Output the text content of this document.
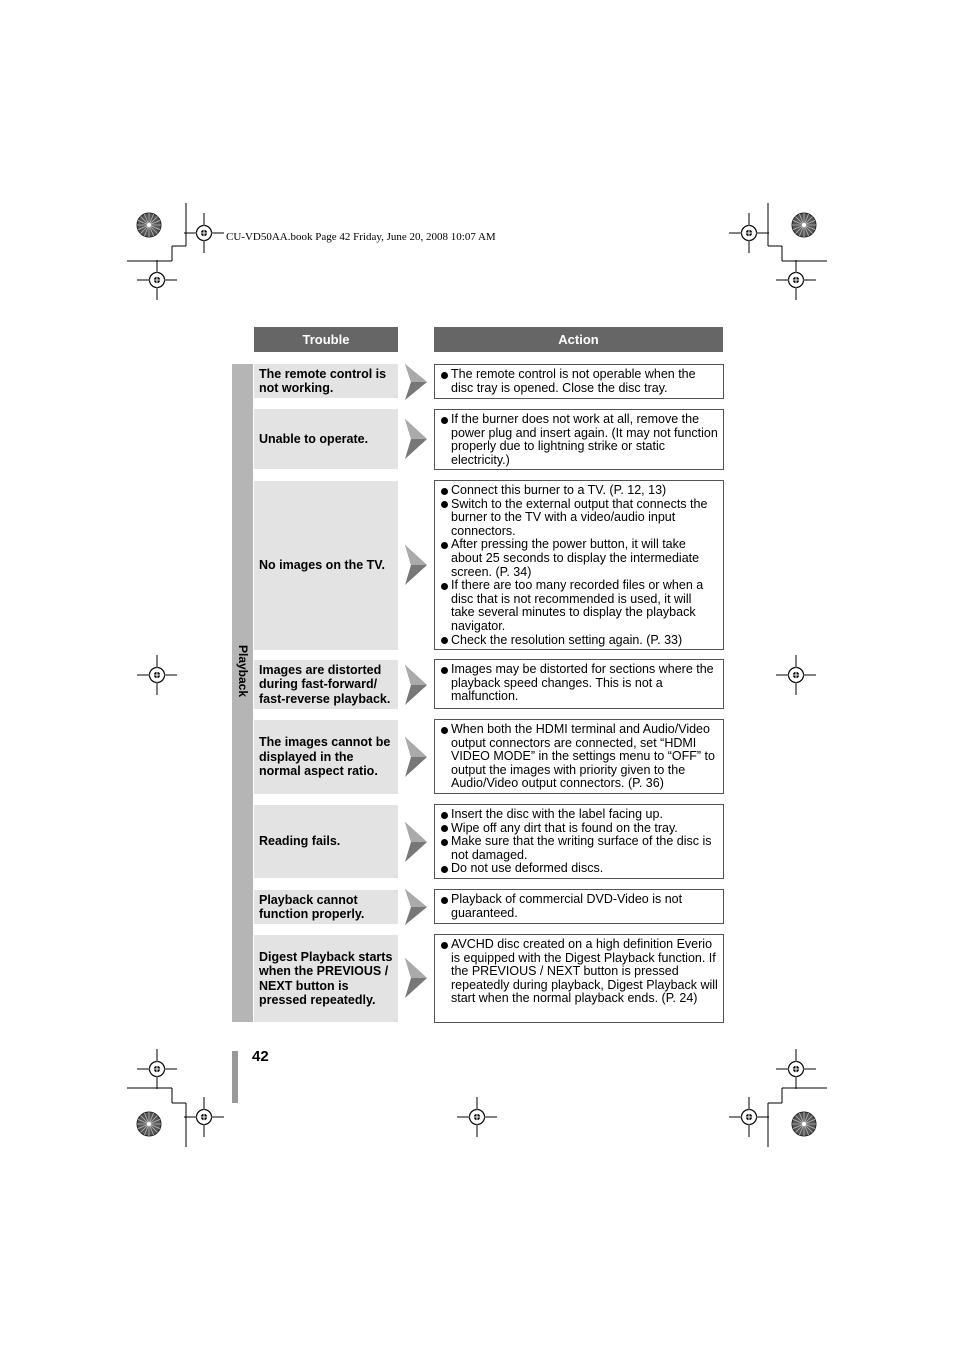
CU-VD50AA.book Page 42 Friday, June 20, 2008 10:07 AM
Trouble	Action
Playback
The remote control is not working.
The remote control is not operable when the disc tray is opened. Close the disc tray.
Unable to operate.
If the burner does not work at all, remove the power plug and insert again. (It may not function properly due to lightning strike or static electricity.)
No images on the TV.
Connect this burner to a TV. (P. 12, 13)
Switch to the external output that connects the burner to the TV with a video/audio input connectors.
After pressing the power button, it will take about 25 seconds to display the intermediate screen. (P. 34)
If there are too many recorded files or when a disc that is not recommended is used, it will take several minutes to display the playback navigator.
Check the resolution setting again. (P. 33)
Images are distorted during fast-forward/ fast-reverse playback.
Images may be distorted for sections where the playback speed changes. This is not a malfunction.
The images cannot be displayed in the normal aspect ratio.
When both the HDMI terminal and Audio/Video output connectors are connected, set “HDMI VIDEO MODE” in the settings menu to “OFF” to output the images with priority given to the Audio/Video output connectors. (P. 36)
Reading fails.
Insert the disc with the label facing up.
Wipe off any dirt that is found on the tray.
Make sure that the writing surface of the disc is not damaged.
Do not use deformed discs.
Playback cannot function properly.
Playback of commercial DVD-Video is not guaranteed.
Digest Playback starts when the PREVIOUS / NEXT button is pressed repeatedly.
AVCHD disc created on a high definition Everio is equipped with the Digest Playback function. If the PREVIOUS / NEXT button is pressed repeatedly during playback, Digest Playback will start when the normal playback ends. (P. 24)
42
